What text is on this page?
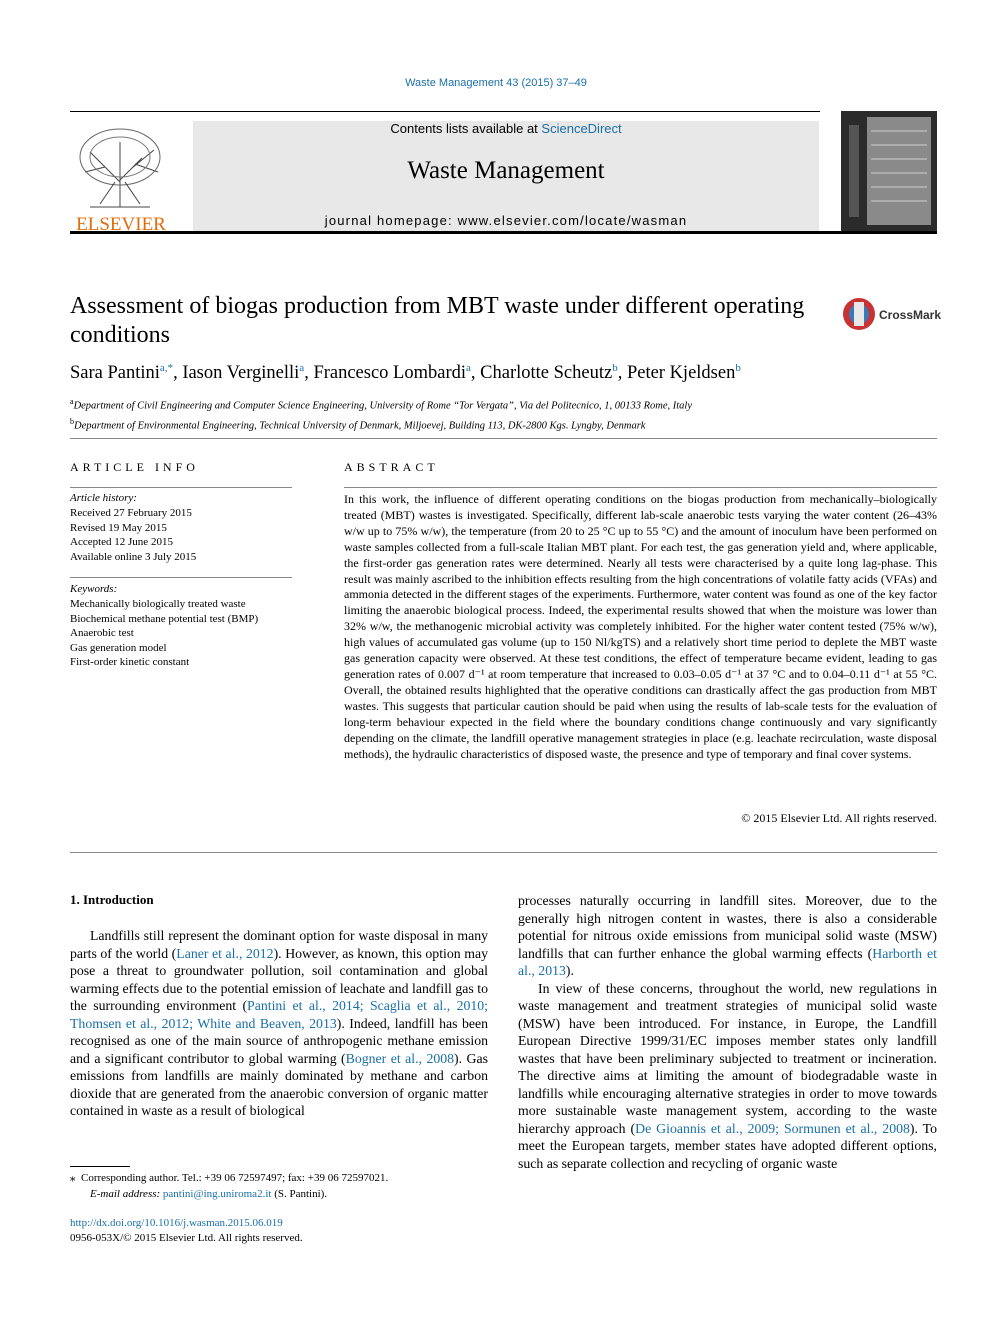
Waste Management 43 (2015) 37–49
ELSEVIER
Contents lists available at ScienceDirect
Waste Management
journal homepage: www.elsevier.com/locate/wasman
Assessment of biogas production from MBT waste under different operating conditions
CrossMark
Sara Pantini$^{a,*}$, Iason Verginelli$^a$, Francesco Lombardi$^a$, Charlotte Scheutz$^b$, Peter Kjeldsen$^b$
$^a$Department of Civil Engineering and Computer Science Engineering, University of Rome “Tor Vergata”, Via del Politecnico, 1, 00133 Rome, Italy
$^b$Department of Environmental Engineering, Technical University of Denmark, Miljoevej, Building 113, DK-2800 Kgs. Lyngby, Denmark
ARTICLE INFO
Article history:
Received 27 February 2015
Revised 19 May 2015
Accepted 12 June 2015
Available online 3 July 2015
Keywords:
Mechanically biologically treated waste
Biochemical methane potential test (BMP)
Anaerobic test
Gas generation model
First-order kinetic constant
ABSTRACT
In this work, the influence of different operating conditions on the biogas production from mechanically–biologically treated (MBT) wastes is investigated. Specifically, different lab-scale anaerobic tests varying the water content (26–43% w/w up to 75% w/w), the temperature (from 20 to 25 °C up to 55 °C) and the amount of inoculum have been performed on waste samples collected from a full-scale Italian MBT plant. For each test, the gas generation yield and, where applicable, the first-order gas generation rates were determined. Nearly all tests were characterised by a quite long lag-phase. This result was mainly ascribed to the inhibition effects resulting from the high concentrations of volatile fatty acids (VFAs) and ammonia detected in the different stages of the experiments. Furthermore, water content was found as one of the key factor limiting the anaerobic biological process. Indeed, the experimental results showed that when the moisture was lower than 32% w/w, the methanogenic microbial activity was completely inhibited. For the higher water content tested (75% w/w), high values of accumulated gas volume (up to 150 Nl/kgTS) and a relatively short time period to deplete the MBT waste gas generation capacity were observed. At these test conditions, the effect of temperature became evident, leading to gas generation rates of 0.007 d⁻¹ at room temperature that increased to 0.03–0.05 d⁻¹ at 37 °C and to 0.04–0.11 d⁻¹ at 55 °C. Overall, the obtained results highlighted that the operative conditions can drastically affect the gas production from MBT wastes. This suggests that particular caution should be paid when using the results of lab-scale tests for the evaluation of long-term behaviour expected in the field where the boundary conditions change continuously and vary significantly depending on the climate, the landfill operative management strategies in place (e.g. leachate recirculation, waste disposal methods), the hydraulic characteristics of disposed waste, the presence and type of temporary and final cover systems.
© 2015 Elsevier Ltd. All rights reserved.
1. Introduction

Landfills still represent the dominant option for waste disposal in many parts of the world (Laner et al., 2012). However, as known, this option may pose a threat to groundwater pollution, soil contamination and global warming effects due to the potential emission of leachate and landfill gas to the surrounding environment (Pantini et al., 2014; Scaglia et al., 2010; Thomsen et al., 2012; White and Beaven, 2013). Indeed, landfill has been recognised as one of the main source of anthropogenic methane emission and a significant contributor to global warming (Bogner et al., 2008). Gas emissions from landfills are mainly dominated by methane and carbon dioxide that are generated from the anaerobic conversion of organic matter contained in waste as a result of biological

processes naturally occurring in landfill sites. Moreover, due to the generally high nitrogen content in wastes, there is also a considerable potential for nitrous oxide emissions from municipal solid waste (MSW) landfills that can further enhance the global warming effects (Harborth et al., 2013).

In view of these concerns, throughout the world, new regulations in waste management and treatment strategies of municipal solid waste (MSW) have been introduced. For instance, in Europe, the Landfill European Directive 1999/31/EC imposes member states only landfill wastes that have been preliminary subjected to treatment or incineration. The directive aims at limiting the amount of biodegradable waste in landfills while encouraging alternative strategies in order to move towards more sustainable waste management system, according to the waste hierarchy approach (De Gioannis et al., 2009; Sormunen et al., 2008). To meet the European targets, member states have adopted different options, such as separate collection and recycling of organic waste

⁎ Corresponding author. Tel.: +39 06 72597497; fax: +39 06 72597021.
E-mail address: pantini@ing.uniroma2.it (S. Pantini).
http://dx.doi.org/10.1016/j.wasman.2015.06.019
0956-053X/© 2015 Elsevier Ltd. All rights reserved.
